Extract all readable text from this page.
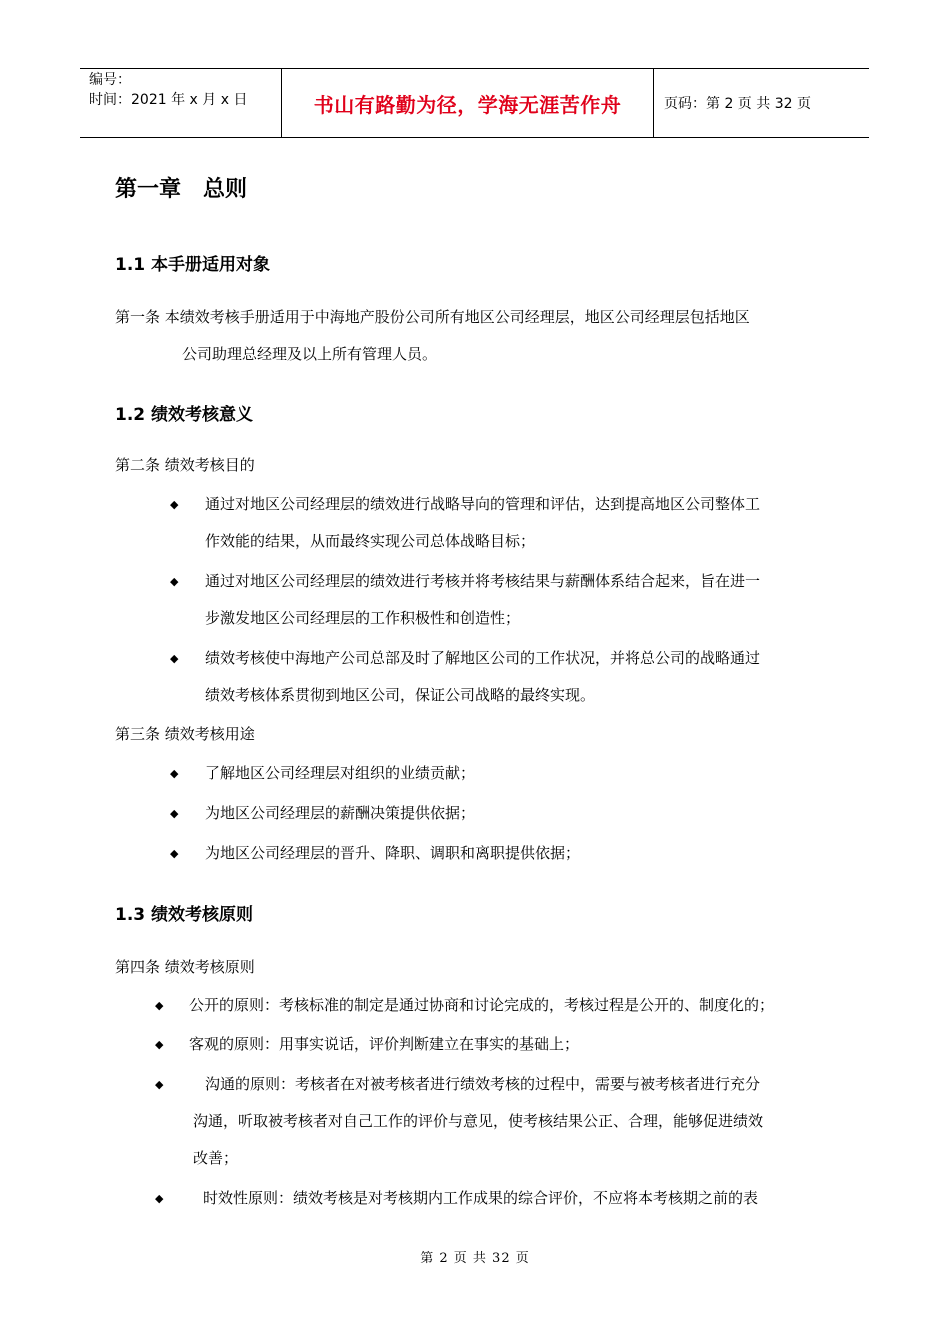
编号：
时间：2021 年 x 月 x 日	书山有路勤为径，学海无涯苦作舟	页码：第 2 页 共 32 页
第一章　总则
1.1 本手册适用对象
第一条 本绩效考核手册适用于中海地产股份公司所有地区公司经理层，地区公司经理层包括地区
公司助理总经理及以上所有管理人员。
1.2 绩效考核意义
第二条 绩效考核目的
◆ 通过对地区公司经理层的绩效进行战略导向的管理和评估，达到提高地区公司整体工
作效能的结果，从而最终实现公司总体战略目标；
◆ 通过对地区公司经理层的绩效进行考核并将考核结果与薪酬体系结合起来，旨在进一
步激发地区公司经理层的工作积极性和创造性；
◆ 绩效考核使中海地产公司总部及时了解地区公司的工作状况，并将总公司的战略通过
绩效考核体系贯彻到地区公司，保证公司战略的最终实现。
第三条 绩效考核用途
◆ 了解地区公司经理层对组织的业绩贡献；
◆ 为地区公司经理层的薪酬决策提供依据；
◆ 为地区公司经理层的晋升、降职、调职和离职提供依据；
1.3 绩效考核原则
第四条 绩效考核原则
◆ 公开的原则：考核标准的制定是通过协商和讨论完成的，考核过程是公开的、制度化的；
◆ 客观的原则：用事实说话，评价判断建立在事实的基础上；
◆	沟通的原则：考核者在对被考核者进行绩效考核的过程中，需要与被考核者进行充分
沟通，听取被考核者对自己工作的评价与意见，使考核结果公正、合理，能够促进绩效
改善；
◆	时效性原则：绩效考核是对考核期内工作成果的综合评价，不应将本考核期之前的表
第 2 页 共 32 页
